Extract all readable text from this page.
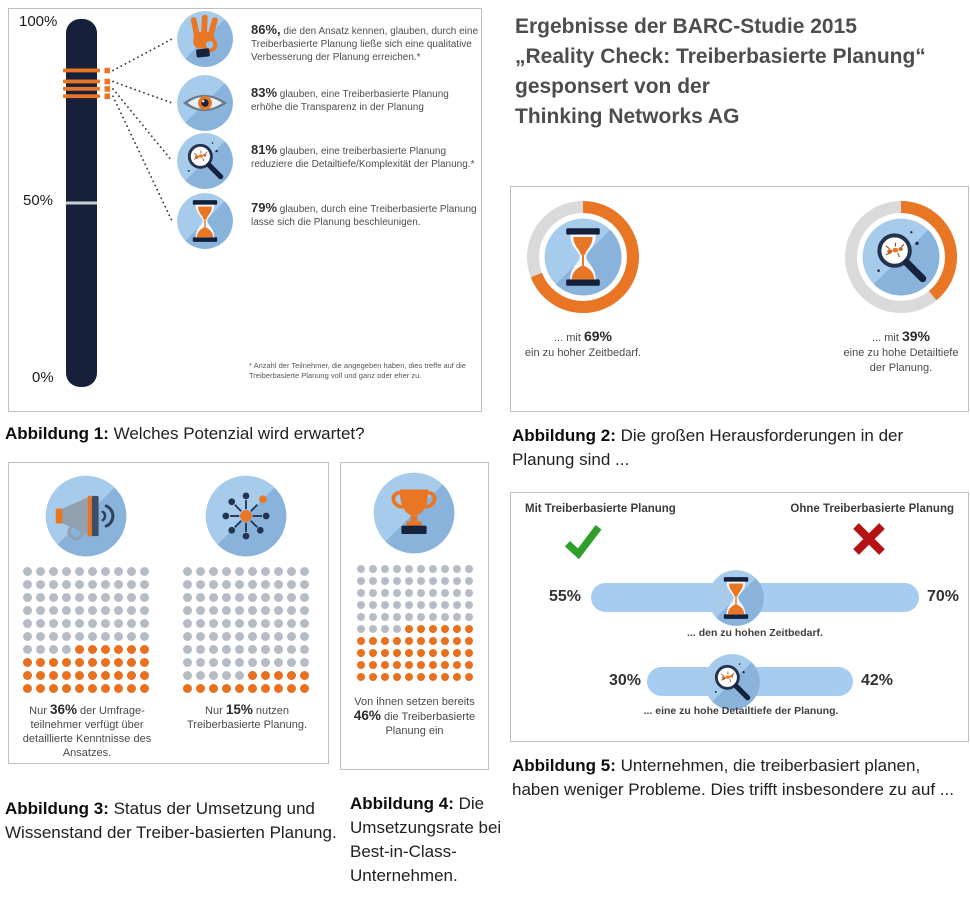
100%
50%
0%
86%, die den Ansatz kennen, glauben, durch eine Treiberbasierte Planung ließe sich eine qualitative Verbesserung der Planung erreichen.*
83% glauben, eine Treiberbasierte Planung erhöhe die Transparenz in der Planung
81% glauben, eine treiberbasierte Planung reduziere die Detailtiefe/Komplexität der Planung.*
79% glauben, durch eine Treiberbasierte Planung lasse sich die Planung beschleunigen.
* Anzahl der Teilnehmer, die angegeben haben, dies treffe auf die Treiberbasierte Planung voll und ganz oder eher zu.
Abbildung 1: Welches Potenzial wird erwartet?
Ergebnisse der BARC-Studie 2015
„Reality Check: Treiberbasierte Planung“
gesponsert von der
Thinking Networks AG
... mit 69%
ein zu hoher Zeitbedarf.
... mit 39%
eine zu hohe Detailtiefe der Planung.
Abbildung 2: Die großen Herausforderungen in der Planung sind ...
Nur 36% der Umfrage-teilnehmer verfügt über detaillierte Kenntnisse des Ansatzes.
Nur 15% nutzen Treiberbasierte Planung.
Abbildung 3: Status der Umsetzung und Wissenstand der Treiber-basierten Planung.
Von ihnen setzen bereits 46% die Treiberbasierte Planung ein
Abbildung 4: Die Umsetzungsrate bei Best-in-Class-Unternehmen.
Mit Treiberbasierte Planung	Ohne Treiberbasierte Planung
55%	70%
... den zu hohen Zeitbedarf.
30%	42%
... eine zu hohe Detailtiefe der Planung.
Abbildung 5: Unternehmen, die treiberbasiert planen, haben weniger Probleme. Dies trifft insbesondere zu auf ...
